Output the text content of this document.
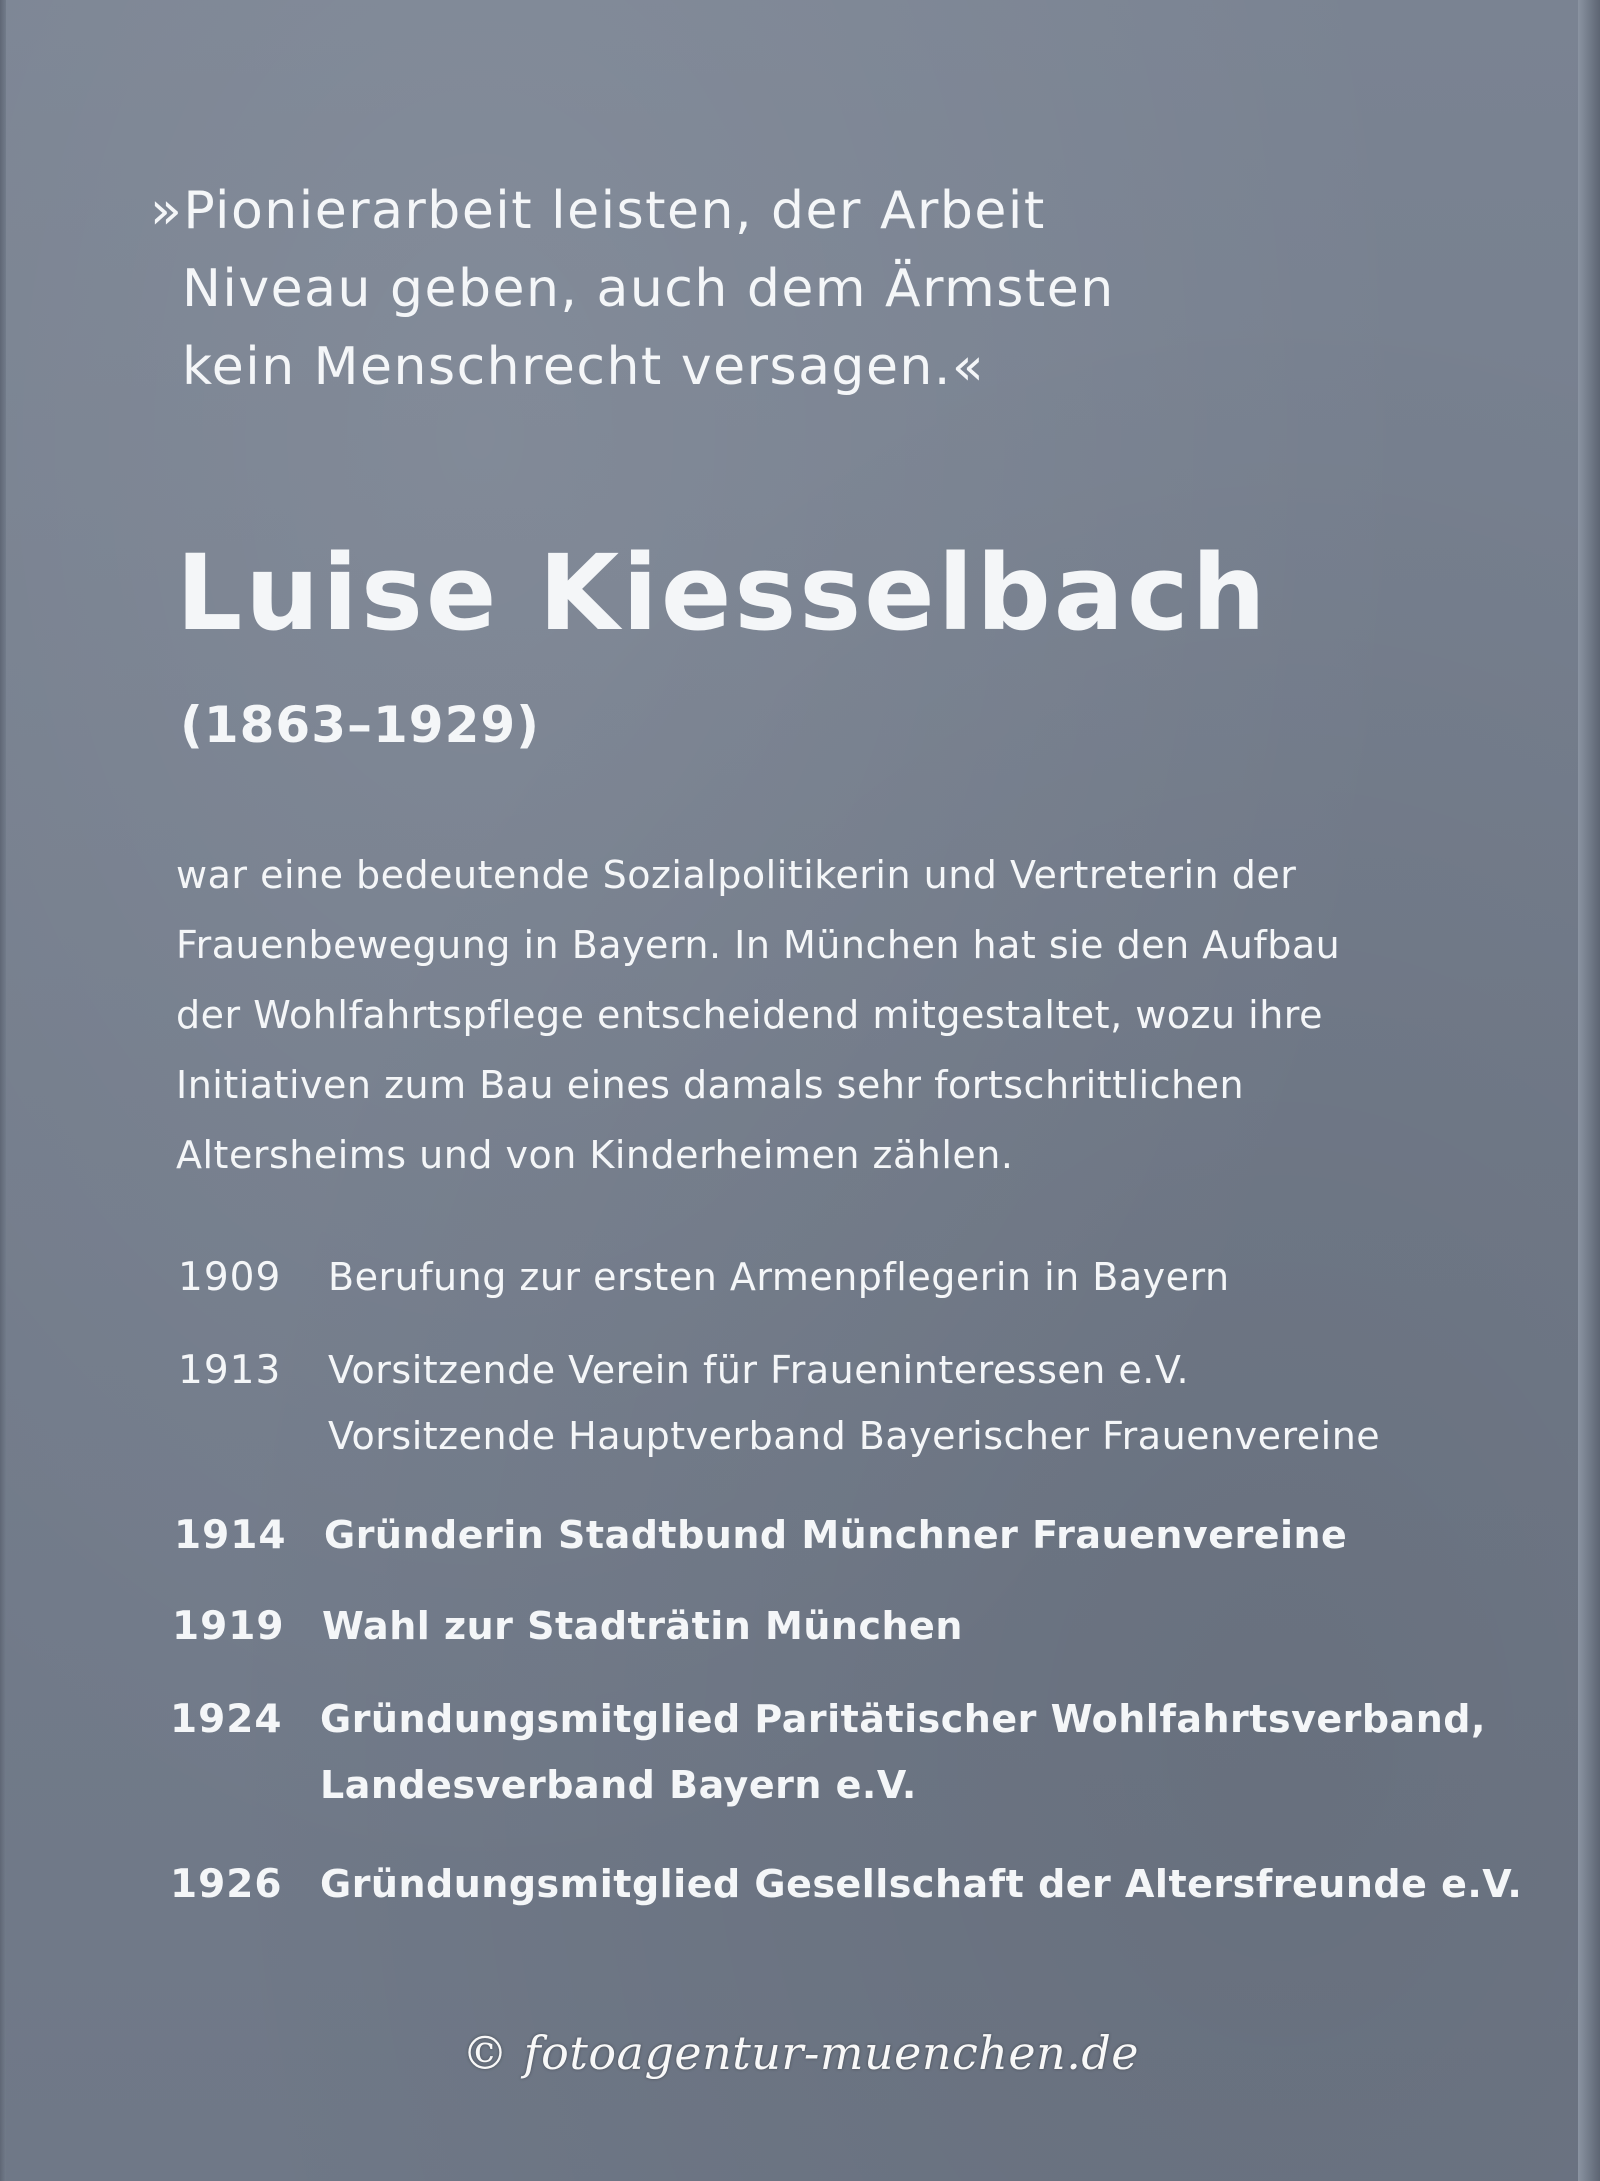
»Pionierarbeit leisten, der Arbeit
Niveau geben, auch dem Ärmsten
kein Menschrecht versagen.«
Luise Kiesselbach
(1863–1929)
war eine bedeutende Sozialpolitikerin und Vertreterin der
Frauenbewegung in Bayern. In München hat sie den Aufbau
der Wohlfahrtspflege entscheidend mitgestaltet, wozu ihre
Initiativen zum Bau eines damals sehr fortschrittlichen
Altersheims und von Kinderheimen zählen.
1909	Berufung zur ersten Armenpflegerin in Bayern
1913	Vorsitzende Verein für Fraueninteressen e.V.
Vorsitzende Hauptverband Bayerischer Frauenvereine
1914 Gründerin Stadtbund Münchner Frauenvereine
1919 Wahl zur Stadträtin München
1924 Gründungsmitglied Paritätischer Wohlfahrtsverband,
Landesverband Bayern e.V.
1926 Gründungsmitglied Gesellschaft der Altersfreunde e.V.
© fotoagentur-muenchen.de
